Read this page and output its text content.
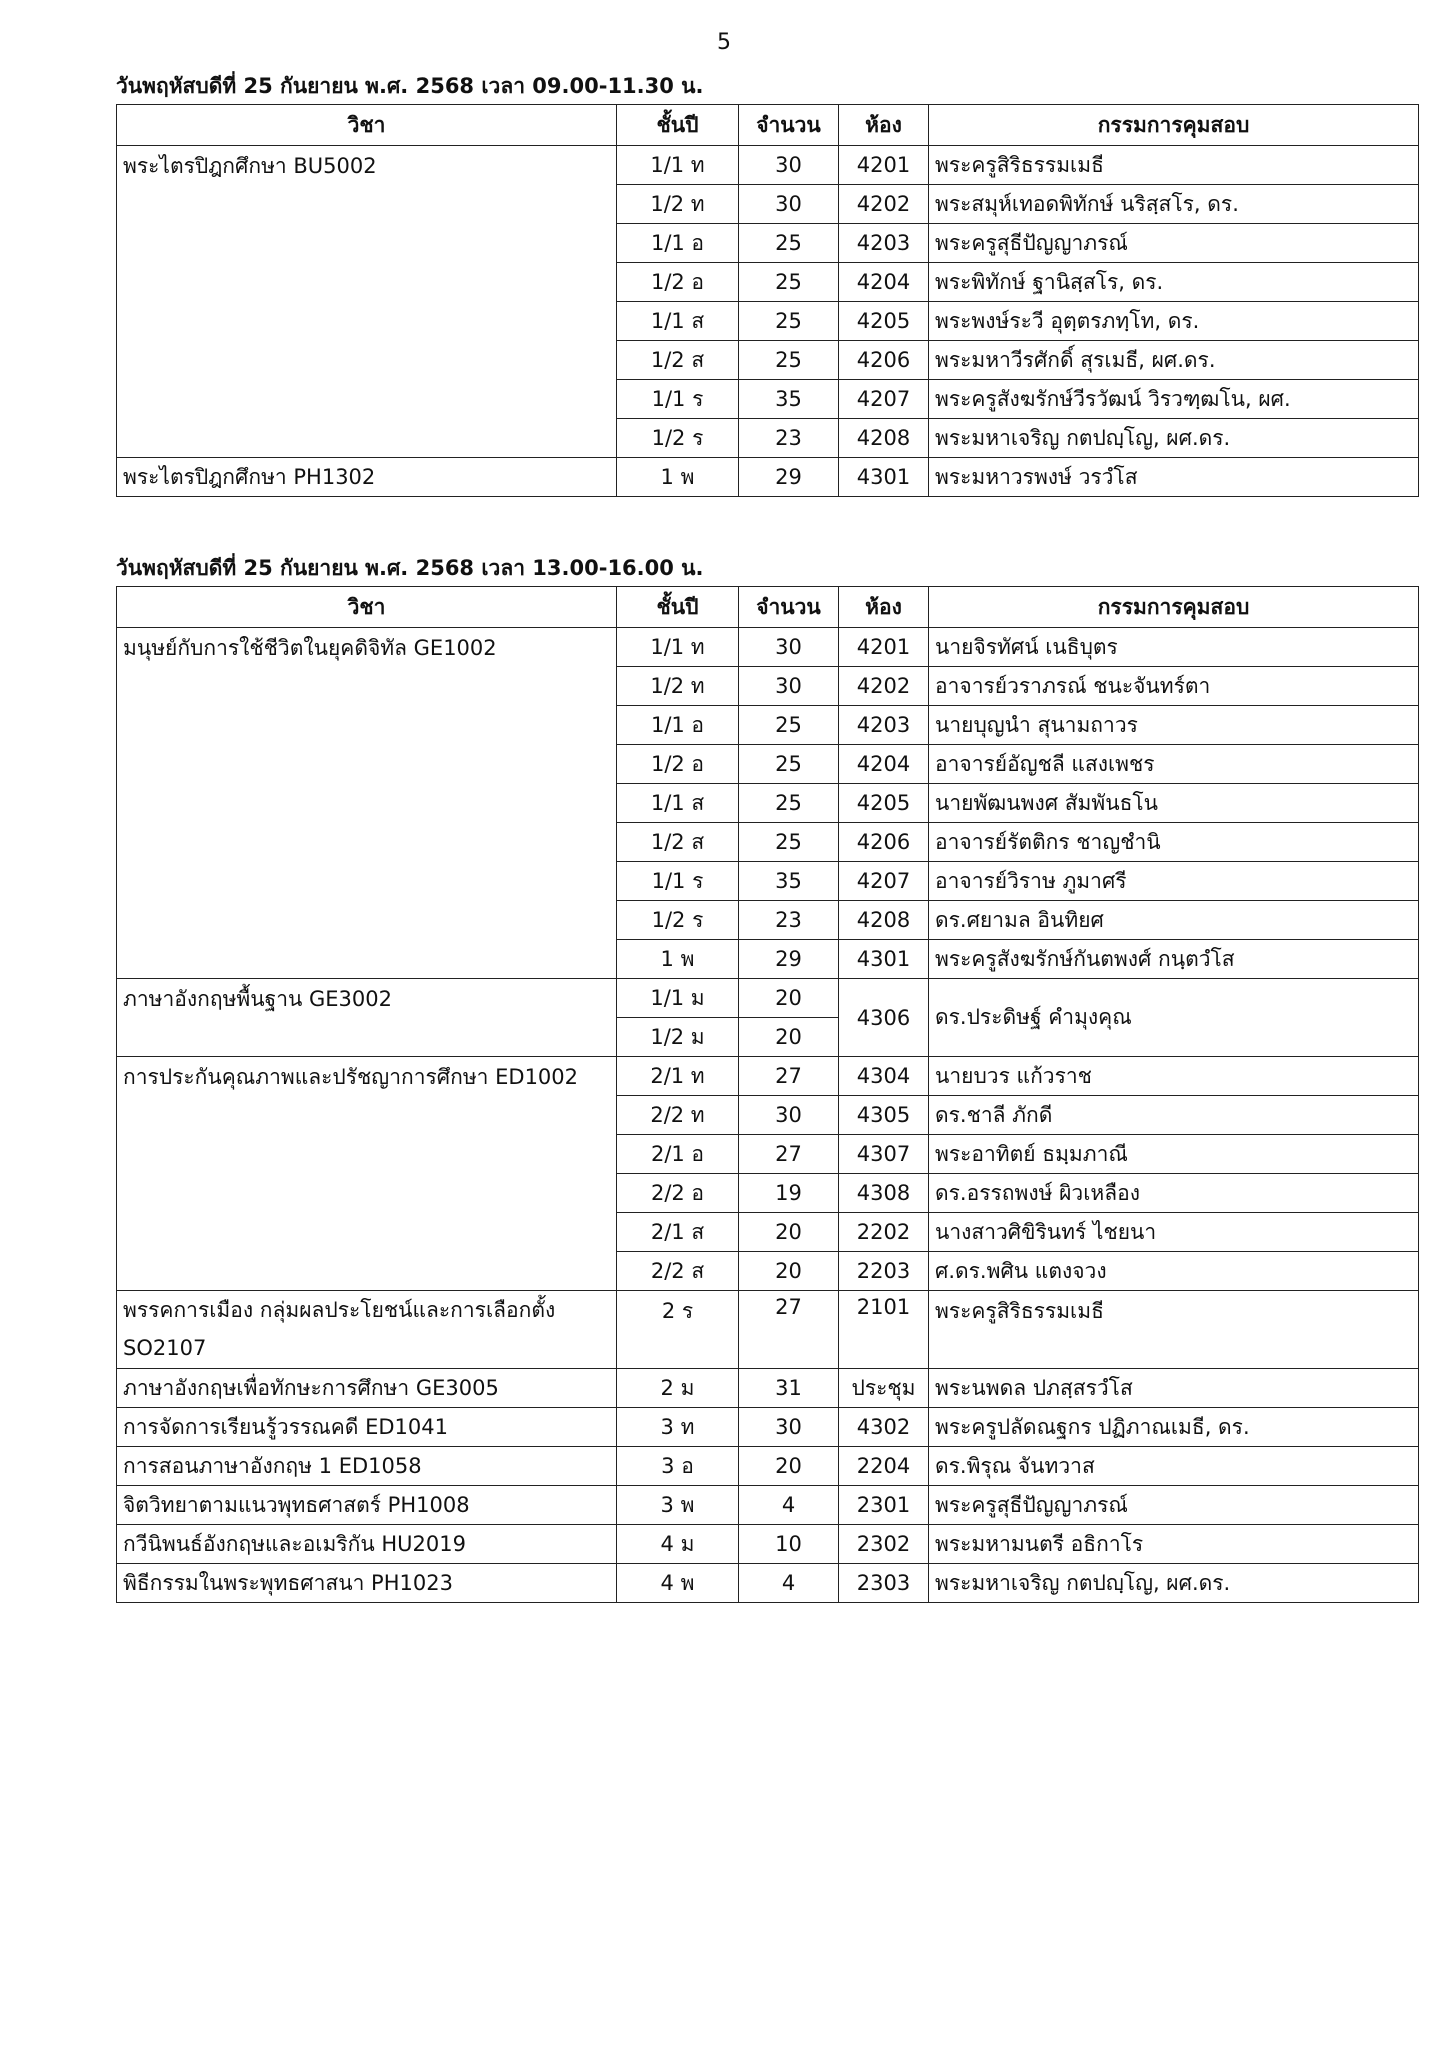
5
วันพฤหัสบดีที่ 25 กันยายน พ.ศ. 2568 เวลา 09.00-11.30 น.
วิชา	ชั้นปี	จำนวน	ห้อง	กรรมการคุมสอบ
พระไตรปิฎกศึกษา BU5002	1/1 ท	30	4201	พระครูสิริธรรมเมธี
	1/2 ท	30	4202	พระสมุห์เทอดพิทักษ์ นริสฺสโร, ดร.
	1/1 อ	25	4203	พระครูสุธีปัญญาภรณ์
	1/2 อ	25	4204	พระพิทักษ์ ฐานิสฺสโร, ดร.
	1/1 ส	25	4205	พระพงษ์ระวี อุตฺตรภทฺโท, ดร.
	1/2 ส	25	4206	พระมหาวีรศักดิ์ สุรเมธี, ผศ.ดร.
	1/1 ร	35	4207	พระครูสังฆรักษ์วีรวัฒน์ วิรวฑฺฒโน, ผศ.
	1/2 ร	23	4208	พระมหาเจริญ กตปญฺโญ, ผศ.ดร.
พระไตรปิฎกศึกษา PH1302	1 พ	29	4301	พระมหาวรพงษ์ วรวํโส
วันพฤหัสบดีที่ 25 กันยายน พ.ศ. 2568 เวลา 13.00-16.00 น.
วิชา	ชั้นปี	จำนวน	ห้อง	กรรมการคุมสอบ
มนุษย์กับการใช้ชีวิตในยุคดิจิทัล GE1002	1/1 ท	30	4201	นายจิรทัศน์ เนธิบุตร
	1/2 ท	30	4202	อาจารย์วราภรณ์ ชนะจันทร์ตา
	1/1 อ	25	4203	นายบุญนำ สุนามถาวร
	1/2 อ	25	4204	อาจารย์อัญชลี แสงเพชร
	1/1 ส	25	4205	นายพัฒนพงศ สัมพันธโน
	1/2 ส	25	4206	อาจารย์รัตติกร ชาญชำนิ
	1/1 ร	35	4207	อาจารย์วิราษ ภูมาศรี
	1/2 ร	23	4208	ดร.ศยามล อินทิยศ
	1 พ	29	4301	พระครูสังฆรักษ์กันตพงศ์ กนฺตวํโส
ภาษาอังกฤษพื้นฐาน GE3002	1/1 ม	20	4306	ดร.ประดิษฐ์ คำมุงคุณ
	1/2 ม	20		
การประกันคุณภาพและปรัชญาการศึกษา ED1002	2/1 ท	27	4304	นายบวร แก้วราช
	2/2 ท	30	4305	ดร.ชาลี ภักดี
	2/1 อ	27	4307	พระอาทิตย์ ธมฺมภาณี
	2/2 อ	19	4308	ดร.อรรถพงษ์ ผิวเหลือง
	2/1 ส	20	2202	นางสาวศิขิรินทร์ ไชยนา
	2/2 ส	20	2203	ศ.ดร.พศิน แตงจวง
พรรคการเมือง กลุ่มผลประโยชน์และการเลือกตั้ง SO2107	2 ร	27	2101	พระครูสิริธรรมเมธี
ภาษาอังกฤษเพื่อทักษะการศึกษา GE3005	2 ม	31	ประชุม	พระนพดล ปภสฺสรวํโส
การจัดการเรียนรู้วรรณคดี ED1041	3 ท	30	4302	พระครูปลัดณฐกร ปฏิภาณเมธี, ดร.
การสอนภาษาอังกฤษ 1 ED1058	3 อ	20	2204	ดร.พิรุณ จันทวาส
จิตวิทยาตามแนวพุทธศาสตร์ PH1008	3 พ	4	2301	พระครูสุธีปัญญาภรณ์
กวีนิพนธ์อังกฤษและอเมริกัน HU2019	4 ม	10	2302	พระมหามนตรี อธิกาโร
พิธีกรรมในพระพุทธศาสนา PH1023	4 พ	4	2303	พระมหาเจริญ กตปญฺโญ, ผศ.ดร.
